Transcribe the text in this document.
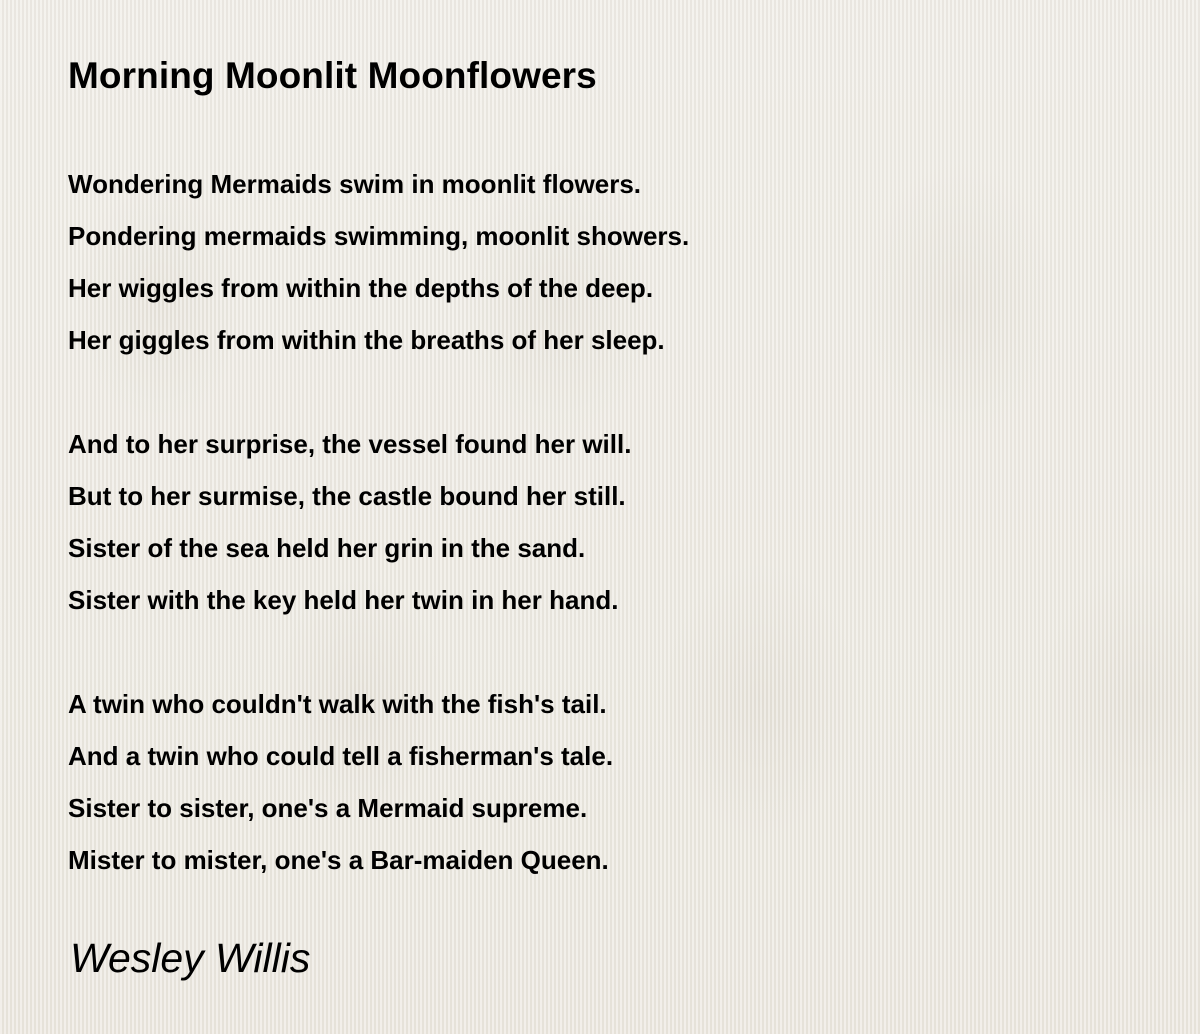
Morning Moonlit Moonflowers
Wondering Mermaids swim in moonlit flowers.
Pondering mermaids swimming, moonlit showers.
Her wiggles from within the depths of the deep.
Her giggles from within the breaths of her sleep.
And to her surprise, the vessel found her will.
But to her surmise, the castle bound her still.
Sister of the sea held her grin in the sand.
Sister with the key held her twin in her hand.
A twin who couldn't walk with the fish's tail.
And a twin who could tell a fisherman's tale.
Sister to sister, one's a Mermaid supreme.
Mister to mister, one's a Bar-maiden Queen.
Wesley Willis
